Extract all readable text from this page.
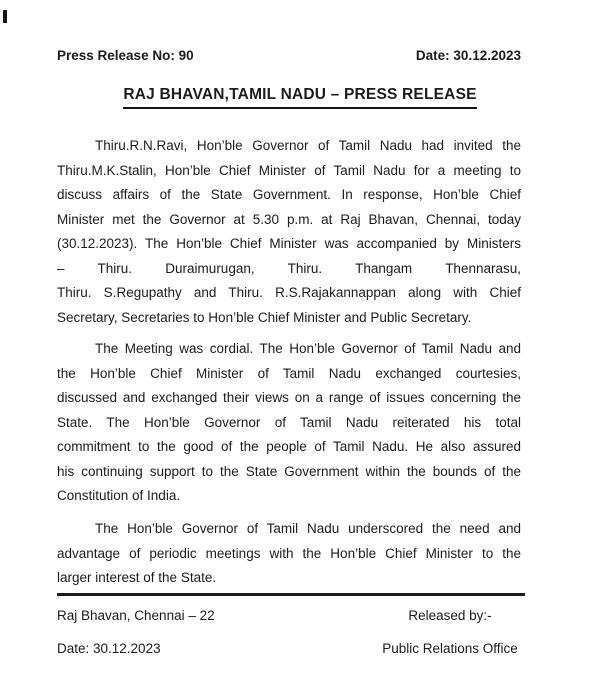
Press Release No: 90	Date: 30.12.2023
RAJ BHAVAN,TAMIL NADU – PRESS RELEASE
Thiru.R.N.Ravi, Hon’ble Governor of Tamil Nadu had invited the
Thiru.M.K.Stalin, Hon’ble Chief Minister of Tamil Nadu for a meeting to
discuss affairs of the State Government. In response, Hon’ble Chief
Minister met the Governor at 5.30 p.m. at Raj Bhavan, Chennai, today
(30.12.2023). The Hon’ble Chief Minister was accompanied by Ministers
– Thiru. Duraimurugan, Thiru. Thangam Thennarasu,
Thiru. S.Regupathy and Thiru. R.S.Rajakannappan along with Chief
Secretary, Secretaries to Hon’ble Chief Minister and Public Secretary.
The Meeting was cordial. The Hon’ble Governor of Tamil Nadu and
the Hon’ble Chief Minister of Tamil Nadu exchanged courtesies,
discussed and exchanged their views on a range of issues concerning the
State. The Hon’ble Governor of Tamil Nadu reiterated his total
commitment to the good of the people of Tamil Nadu. He also assured
his continuing support to the State Government within the bounds of the
Constitution of India.
The Hon’ble Governor of Tamil Nadu underscored the need and
advantage of periodic meetings with the Hon’ble Chief Minister to the
larger interest of the State.
Raj Bhavan, Chennai – 22	Released by:-
Date: 30.12.2023	Public Relations Office
